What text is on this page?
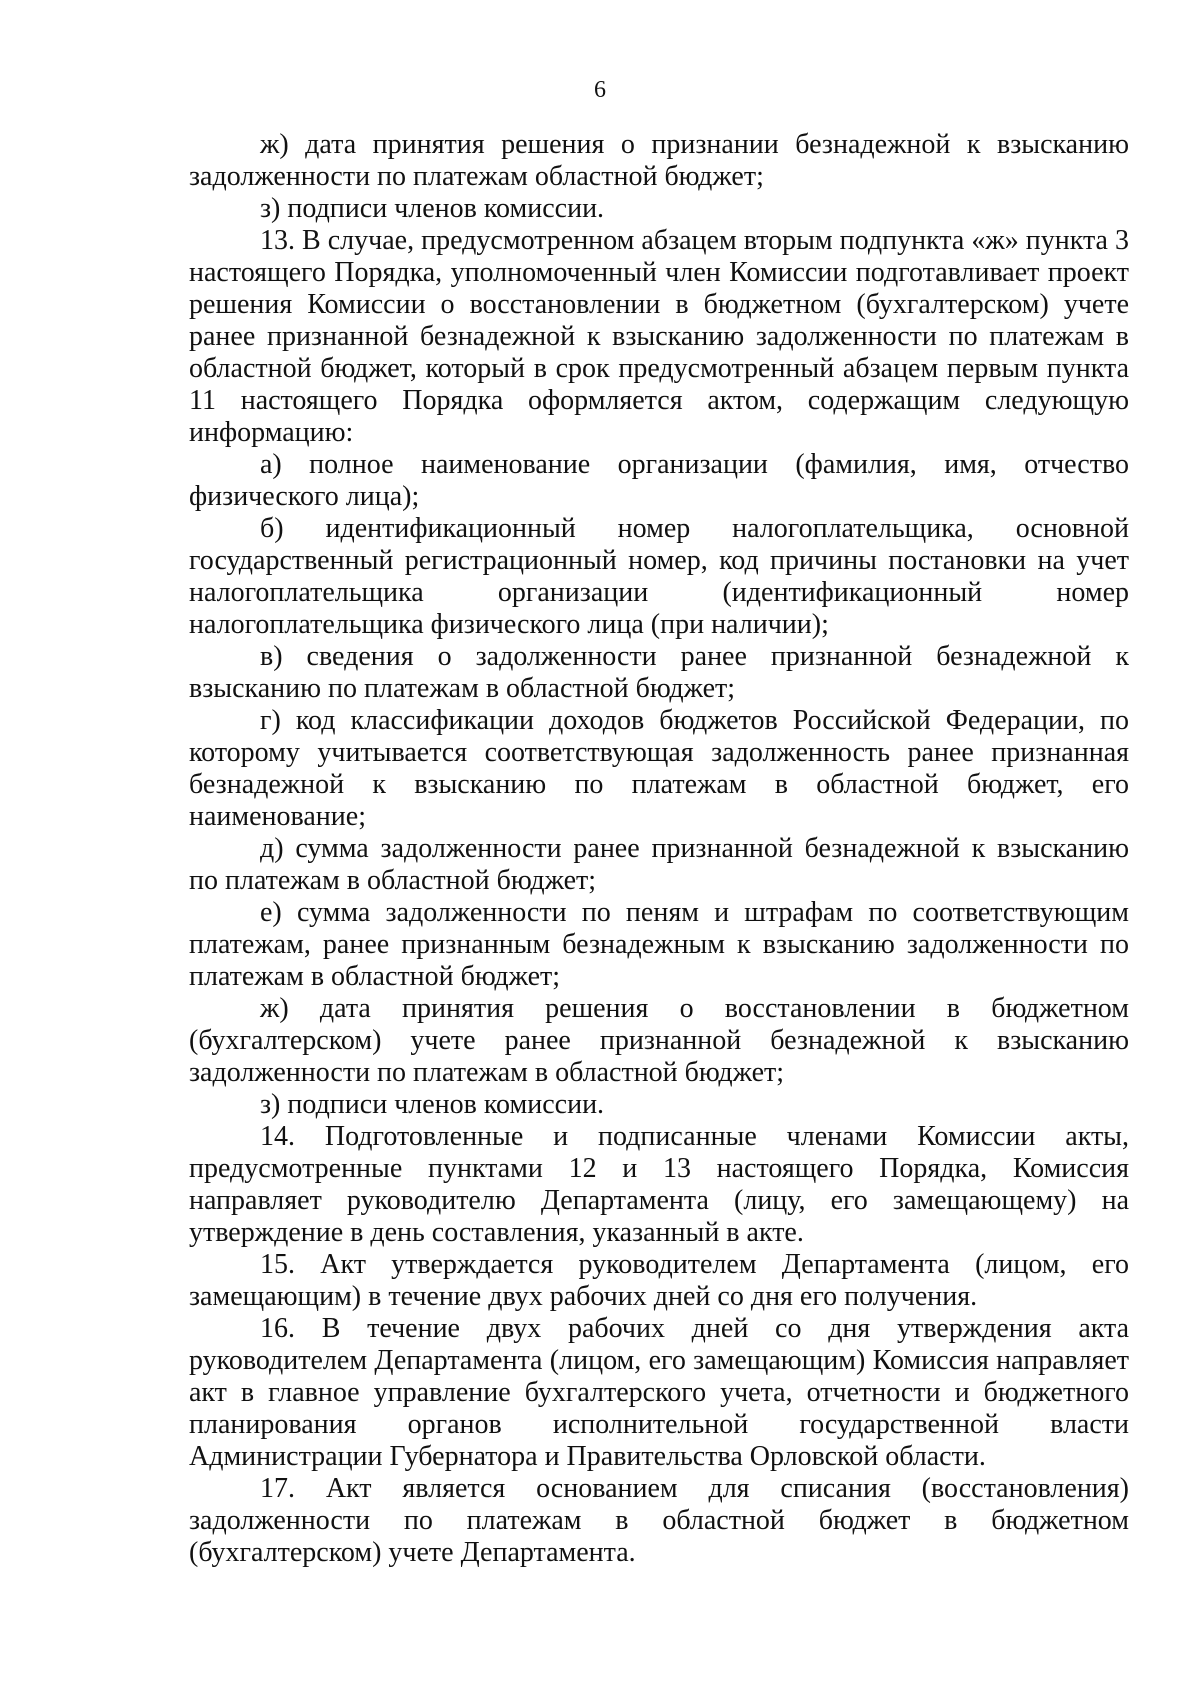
6

ж) дата принятия решения о признании безнадежной к взысканию задолженности по платежам областной бюджет;

з) подписи членов комиссии.

13. В случае, предусмотренном абзацем вторым подпункта «ж» пункта 3 настоящего Порядка, уполномоченный член Комиссии подготавливает проект решения Комиссии о восстановлении в бюджетном (бухгалтерском) учете ранее признанной безнадежной к взысканию задолженности по платежам в областной бюджет, который в срок предусмотренный абзацем первым пункта 11 настоящего Порядка оформляется актом, содержащим следующую информацию:

а) полное наименование организации (фамилия, имя, отчество физического лица);

б) идентификационный номер налогоплательщика, основной государственный регистрационный номер, код причины постановки на учет налогоплательщика организации (идентификационный номер налогоплательщика физического лица (при наличии);

в) сведения о задолженности ранее признанной безнадежной к взысканию по платежам в областной бюджет;

г) код классификации доходов бюджетов Российской Федерации, по которому учитывается соответствующая задолженность ранее признанная безнадежной к взысканию по платежам в областной бюджет, его наименование;

д) сумма задолженности ранее признанной безнадежной к взысканию по платежам в областной бюджет;

е) сумма задолженности по пеням и штрафам по соответствующим платежам, ранее признанным безнадежным к взысканию задолженности по платежам в областной бюджет;

ж) дата принятия решения о восстановлении в бюджетном (бухгалтерском) учете ранее признанной безнадежной к взысканию задолженности по платежам в областной бюджет;

з) подписи членов комиссии.

14. Подготовленные и подписанные членами Комиссии акты, предусмотренные пунктами 12 и 13 настоящего Порядка, Комиссия направляет руководителю Департамента (лицу, его замещающему) на утверждение в день составления, указанный в акте.

15. Акт утверждается руководителем Департамента (лицом, его замещающим) в течение двух рабочих дней со дня его получения.

16. В течение двух рабочих дней со дня утверждения акта руководителем Департамента (лицом, его замещающим) Комиссия направляет акт в главное управление бухгалтерского учета, отчетности и бюджетного планирования органов исполнительной государственной власти Администрации Губернатора и Правительства Орловской области.

17. Акт является основанием для списания (восстановления) задолженности по платежам в областной бюджет в бюджетном (бухгалтерском) учете Департамента.
